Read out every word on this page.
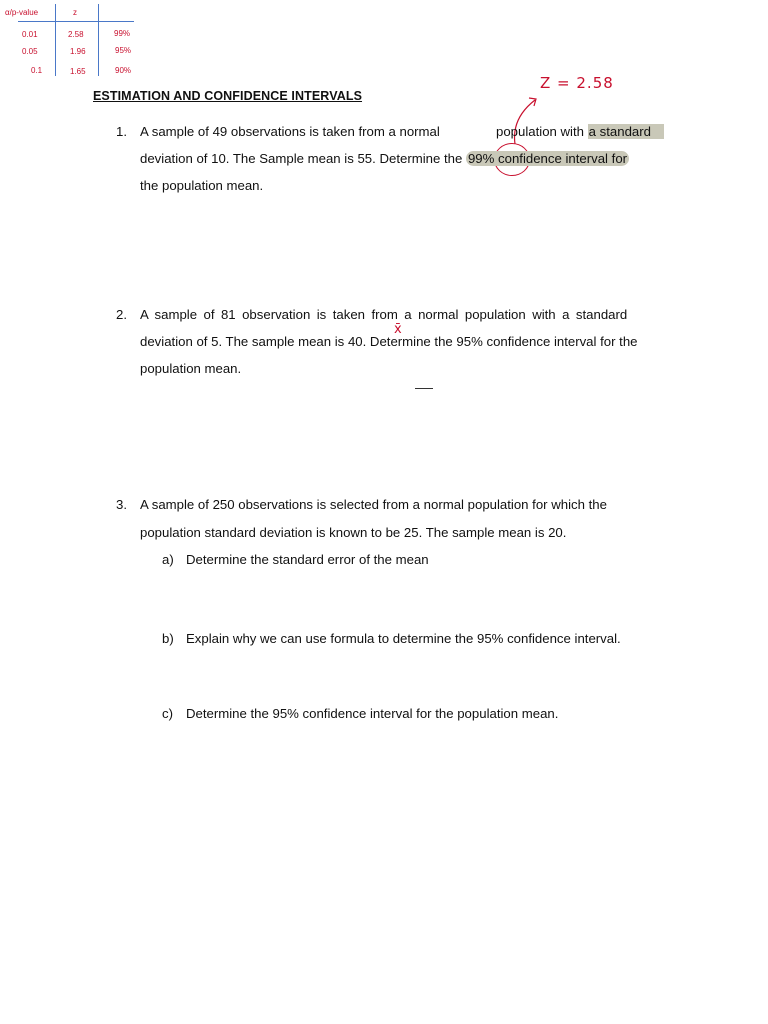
α/p-value	z
0.01	2.58	99%
0.05	1.96	95%
0.1	1.65	90%
Z = 2.58
ESTIMATION AND CONFIDENCE INTERVALS
1. A sample of 49 observations is taken from a normal	population with a standard
deviation of 10. The Sample mean is 55. Determine the 99% confidence interval for
the population mean.
2. A sample of 81 observation is taken from a normal population with a standard
x̄
deviation of 5. The sample mean is 40. Determine the 95% confidence interval for the
population mean.
3. A sample of 250 observations is selected from a normal population for which the
population standard deviation is known to be 25. The sample mean is 20.
a) Determine the standard error of the mean
b) Explain why we can use formula to determine the 95% confidence interval.
c) Determine the 95% confidence interval for the population mean.
